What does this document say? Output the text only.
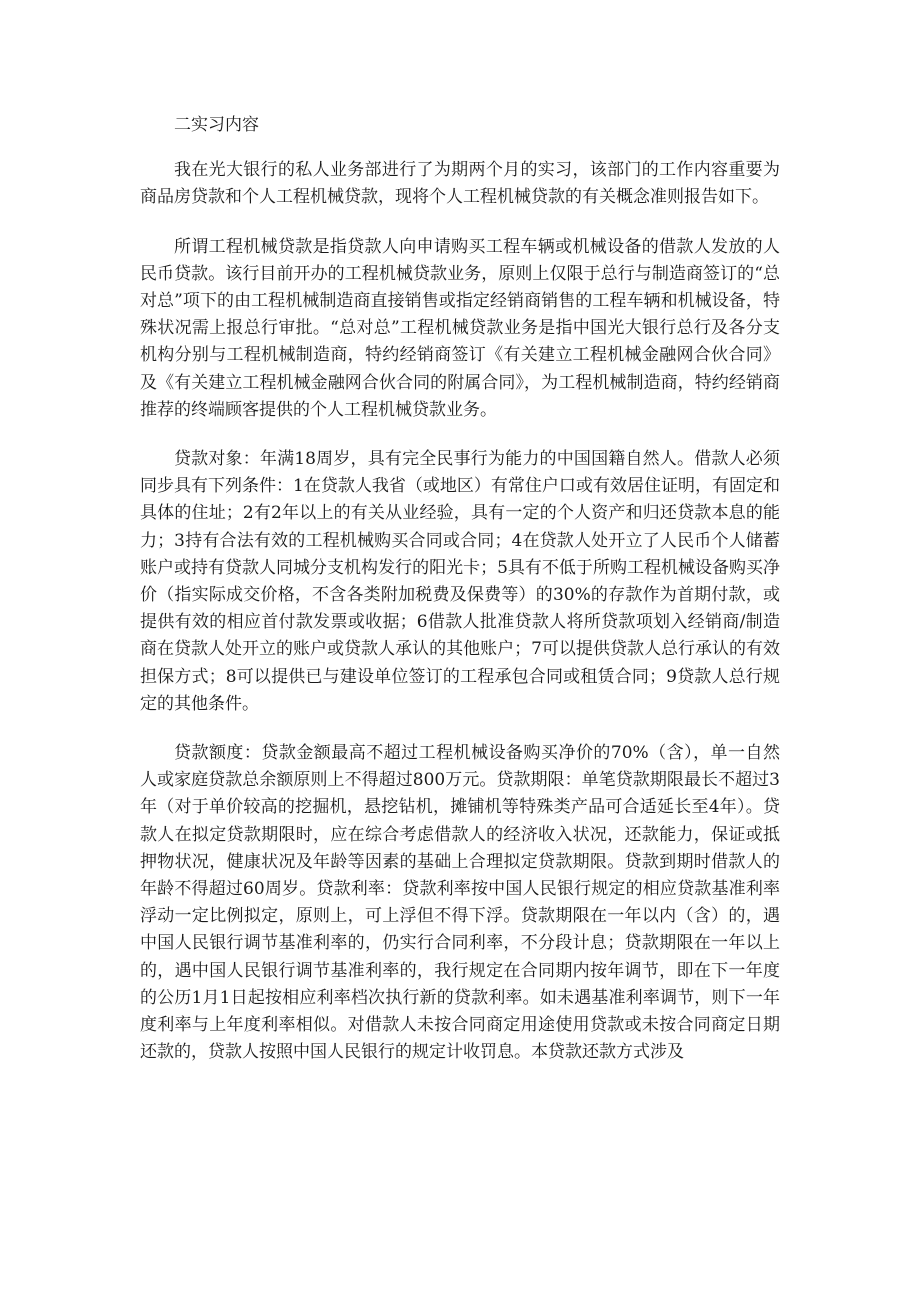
二实习内容

我在光大银行的私人业务部进行了为期两个月的实习，该部门的工作内容重要为商品房贷款和个人工程机械贷款，现将个人工程机械贷款的有关概念准则报告如下。

所谓工程机械贷款是指贷款人向申请购买工程车辆或机械设备的借款人发放的人民币贷款。该行目前开办的工程机械贷款业务，原则上仅限于总行与制造商签订的“总对总”项下的由工程机械制造商直接销售或指定经销商销售的工程车辆和机械设备，特殊状况需上报总行审批。“总对总”工程机械贷款业务是指中国光大银行总行及各分支机构分别与工程机械制造商，特约经销商签订《有关建立工程机械金融网合伙合同》及《有关建立工程机械金融网合伙合同的附属合同》，为工程机械制造商，特约经销商推荐的终端顾客提供的个人工程机械贷款业务。

贷款对象：年满18周岁，具有完全民事行为能力的中国国籍自然人。借款人必须同步具有下列条件：1在贷款人我省（或地区）有常住户口或有效居住证明，有固定和具体的住址；2有2年以上的有关从业经验，具有一定的个人资产和归还贷款本息的能力；3持有合法有效的工程机械购买合同或合同；4在贷款人处开立了人民币个人储蓄账户或持有贷款人同城分支机构发行的阳光卡；5具有不低于所购工程机械设备购买净价（指实际成交价格，不含各类附加税费及保费等）的30%的存款作为首期付款，或提供有效的相应首付款发票或收据；6借款人批准贷款人将所贷款项划入经销商/制造商在贷款人处开立的账户或贷款人承认的其他账户；7可以提供贷款人总行承认的有效担保方式；8可以提供已与建设单位签订的工程承包合同或租赁合同；9贷款人总行规定的其他条件。

贷款额度：贷款金额最高不超过工程机械设备购买净价的70%（含），单一自然人或家庭贷款总余额原则上不得超过800万元。贷款期限：单笔贷款期限最长不超过3年（对于单价较高的挖掘机，悬挖钻机，摊铺机等特殊类产品可合适延长至4年）。贷款人在拟定贷款期限时，应在综合考虑借款人的经济收入状况，还款能力，保证或抵押物状况，健康状况及年龄等因素的基础上合理拟定贷款期限。贷款到期时借款人的年龄不得超过60周岁。贷款利率：贷款利率按中国人民银行规定的相应贷款基准利率浮动一定比例拟定，原则上，可上浮但不得下浮。贷款期限在一年以内（含）的，遇中国人民银行调节基准利率的，仍实行合同利率，不分段计息；贷款期限在一年以上的，遇中国人民银行调节基准利率的，我行规定在合同期内按年调节，即在下一年度的公历1月1日起按相应利率档次执行新的贷款利率。如未遇基准利率调节，则下一年度利率与上年度利率相似。对借款人未按合同商定用途使用贷款或未按合同商定日期还款的，贷款人按照中国人民银行的规定计收罚息。本贷款还款方式涉及
